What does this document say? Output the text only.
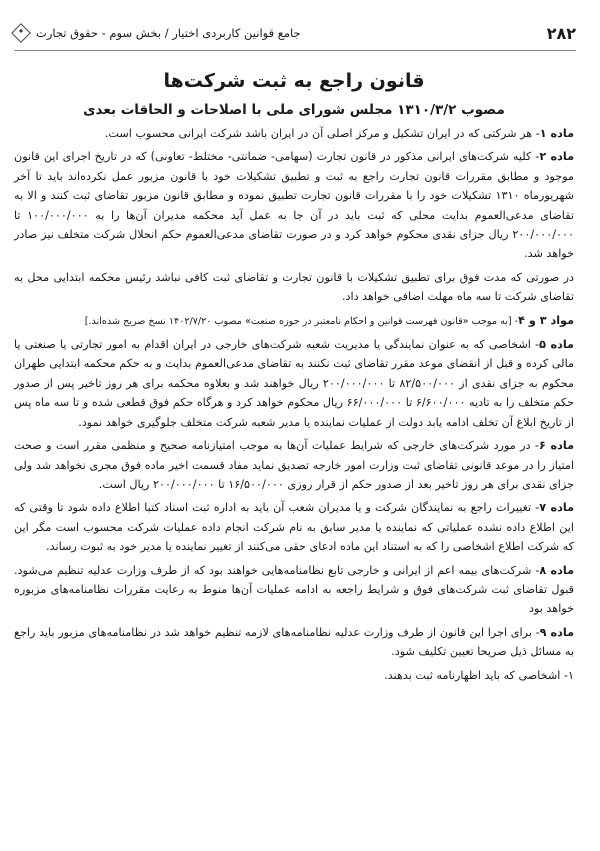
۲۸۲
جامع قوانین کاربردی اختیار / بخش سوم - حقوق تجارت
قانون راجع به ثبت شرکت‌ها
مصوب ۱۳۱۰/۳/۲ مجلس شورای ملی با اصلاحات و الحاقات بعدی

ماده ۱- هر شرکتی که در ایران تشکیل و مرکز اصلی آن در ایران باشد شرکت ایرانی محسوب است.

ماده ۲- کلیه شرکت‌های ایرانی مذکور در قانون تجارت (سهامی- ضمانتی- مختلط- تعاونی) که در تاریخ اجرای این قانون موجود و مطابق مقررات قانون تجارت راجع به ثبت و تطبیق تشکیلات خود با قانون مزبور عمل نکرده‌اند باید تا آخر شهریورماه ۱۳۱۰ تشکیلات خود را با مقررات قانون تجارت تطبیق نموده و مطابق قانون مزبور تقاضای ثبت کنند و الا به تقاضای مدعی‌العموم بدایت محلی که ثبت باید در آن جا به عمل آید محکمه مدیران آن‌ها را به ۱۰۰/۰۰۰/۰۰۰ تا ۲۰۰/۰۰۰/۰۰۰ ریال جزای نقدی محکوم خواهد کرد و در صورت تقاضای مدعی‌العموم حکم انحلال شرکت متخلف نیز صادر خواهد شد.

در صورتی که مدت فوق برای تطبیق تشکیلات با قانون تجارت و تقاضای ثبت کافی نباشد رئیس محکمه ابتدایی محل به تقاضای شرکت تا سه ماه مهلت اضافی خواهد داد.

مواد ۳ و ۴- [به موجب «قانون فهرست قوانین و احکام نامعتبر در حوزه صنعت» مصوب ۱۴۰۲/۷/۲۰ نسخ صریح شده‌اند.]

ماده ۵- اشخاصی که به عنوان نمایندگی یا مدیریت شعبه شرکت‌های خارجی در ایران اقدام به امور تجارتی یا صنعتی یا مالی کرده و قبل از انقضای موعد مقرر تقاضای ثبت نکنند به تقاضای مدعی‌العموم بدایت و به حکم محکمه ابتدایی طهران محکوم به جزای نقدی از ۸۲/۵۰۰/۰۰۰ تا ۲۰۰/۰۰۰/۰۰۰ ریال خواهند شد و بعلاوه محکمه برای هر روز تاخیر پس از صدور حکم متخلف را به تادیه ۶/۶۰۰/۰۰۰ تا ۶۶/۰۰۰/۰۰۰ ریال محکوم خواهد کرد و هرگاه حکم فوق قطعی شده و تا سه ماه پس از تاریخ ابلاغ آن تخلف ادامه یابد دولت از عملیات نماینده یا مدیر شعبه شرکت متخلف جلوگیری خواهد نمود.

ماده ۶- در مورد شرکت‌های خارجی که شرایط عملیات آن‌ها به موجب امتیازنامه صحیح و منظمی مقرر است و صحت امتیاز را در موعد قانونی تقاضای ثبت وزارت امور خارجه تصدیق نماید مفاد قسمت اخیر ماده فوق مجری نخواهد شد ولی جزای نقدی برای هر روز تاخیر بعد از صدور حکم از قرار روزی ۱۶/۵۰۰/۰۰۰ تا ۲۰۰/۰۰۰/۰۰۰ ریال است.

ماده ۷- تغییرات راجع به نمایندگان شرکت و یا مدیران شعب آن باید به اداره ثبت اسناد کتبا اطلاع داده شود تا وقتی که این اطلاع داده نشده عملیاتی که نماینده یا مدیر سابق به نام شرکت انجام داده عملیات شرکت محسوب است مگر این که شرکت اطلاع اشخاصی را که به استناد این ماده ادعای حقی می‌کنند از تغییر نماینده یا مدیر خود به ثبوت رساند.

ماده ۸- شرکت‌های بیمه اعم از ایرانی و خارجی تابع نظامنامه‌هایی خواهند بود که از طرف وزارت عدلیه تنظیم می‌شود. قبول تقاضای ثبت شرکت‌های فوق و شرایط راجعه به ادامه عملیات آن‌ها منوط به رعایت مقررات نظامنامه‌های مزبوره خواهد بود

ماده ۹- برای اجرا این قانون از طرف وزارت عدلیه نظامنامه‌های لازمه تنظیم خواهد شد در نظامنامه‌های مزبور باید راجع به مسائل ذیل صریحا تعیین تکلیف شود.

۱- اشخاصی که باید اظهارنامه ثبت بدهند.
